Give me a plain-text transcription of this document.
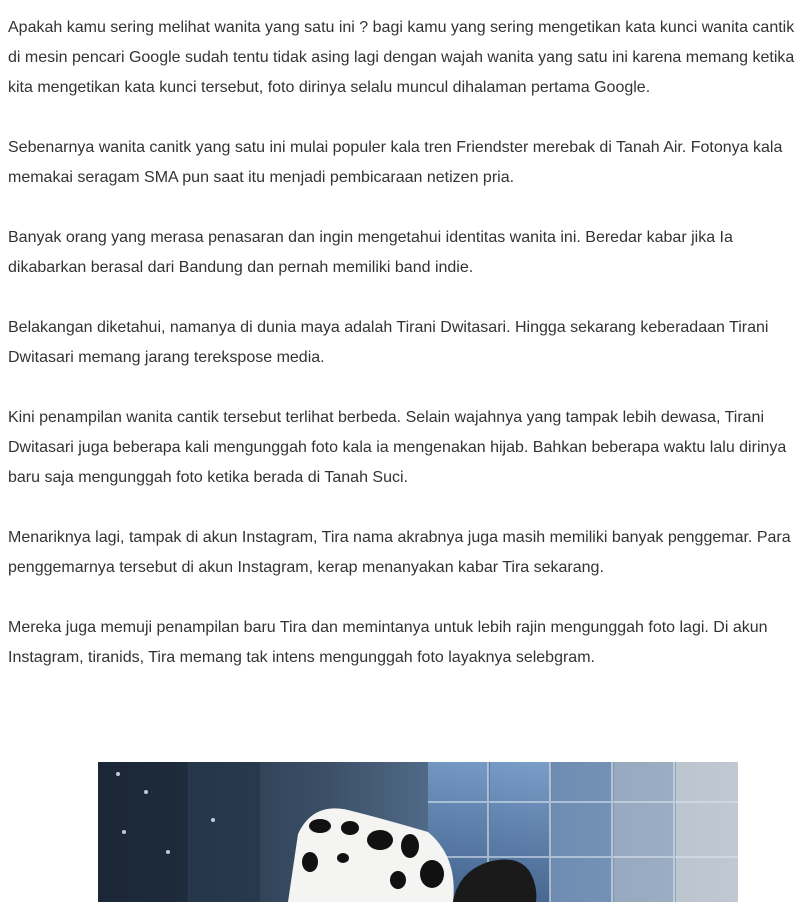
Apakah kamu sering melihat wanita yang satu ini ? bagi kamu yang sering mengetikan kata kunci wanita cantik di mesin pencari Google sudah tentu tidak asing lagi dengan wajah wanita yang satu ini karena memang ketika kita mengetikan kata kunci tersebut, foto dirinya selalu muncul dihalaman pertama Google.

Sebenarnya wanita canitk yang satu ini mulai populer kala tren Friendster merebak di Tanah Air. Fotonya kala memakai seragam SMA pun saat itu menjadi pembicaraan netizen pria.

Banyak orang yang merasa penasaran dan ingin mengetahui identitas wanita ini. Beredar kabar jika Ia dikabarkan berasal dari Bandung dan pernah memiliki band indie.

Belakangan diketahui, namanya di dunia maya adalah Tirani Dwitasari. Hingga sekarang keberadaan Tirani Dwitasari memang jarang terekspose media.

Kini penampilan wanita cantik tersebut terlihat berbeda. Selain wajahnya yang tampak lebih dewasa, Tirani Dwitasari juga beberapa kali mengunggah foto kala ia mengenakan hijab. Bahkan beberapa waktu lalu dirinya baru saja mengunggah foto ketika berada di Tanah Suci.

Menariknya lagi, tampak di akun Instagram, Tira nama akrabnya juga masih memiliki banyak penggemar. Para penggemarnya tersebut di akun Instagram, kerap menanyakan kabar Tira sekarang.

Mereka juga memuji penampilan baru Tira dan memintanya untuk lebih rajin mengunggah foto lagi. Di akun Instagram, tiranids, Tira memang tak intens mengunggah foto layaknya selebgram.
